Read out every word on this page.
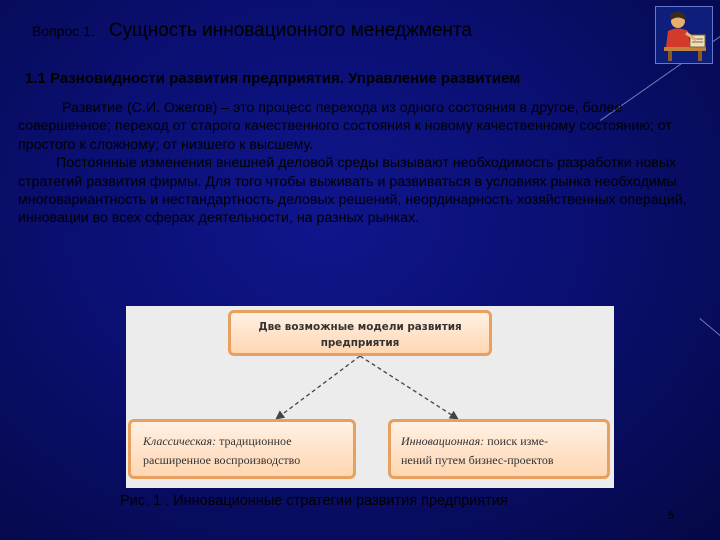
Вопрос 1. Сущность инновационного менеджмента
1.1 Разновидности развития предприятия. Управление развитием

Развитие (С.И. Ожегов) – это процесс перехода из одного состояния в другое, более совершенное; переход от старого качественного состояния к новому качественному состоянию; от простого к сложному; от низшего к высшему.

Постоянные изменения внешней деловой среды вызывают необходимость разработки новых стратегий развития фирмы. Для того чтобы выживать и развиваться в условиях рынка необходимы многовариантность и нестандартность деловых решений, неординарность хозяйственных операций, инновации во всех сферах деятельности, на разных рынках.

Две возможные модели развития
предприятия
Классическая: традиционное
расширенное воспроизводство
Инновационная: поиск изме-
нений путем бизнес-проектов
Рис. 1 . Инновационные стратегии развития предприятия
5
